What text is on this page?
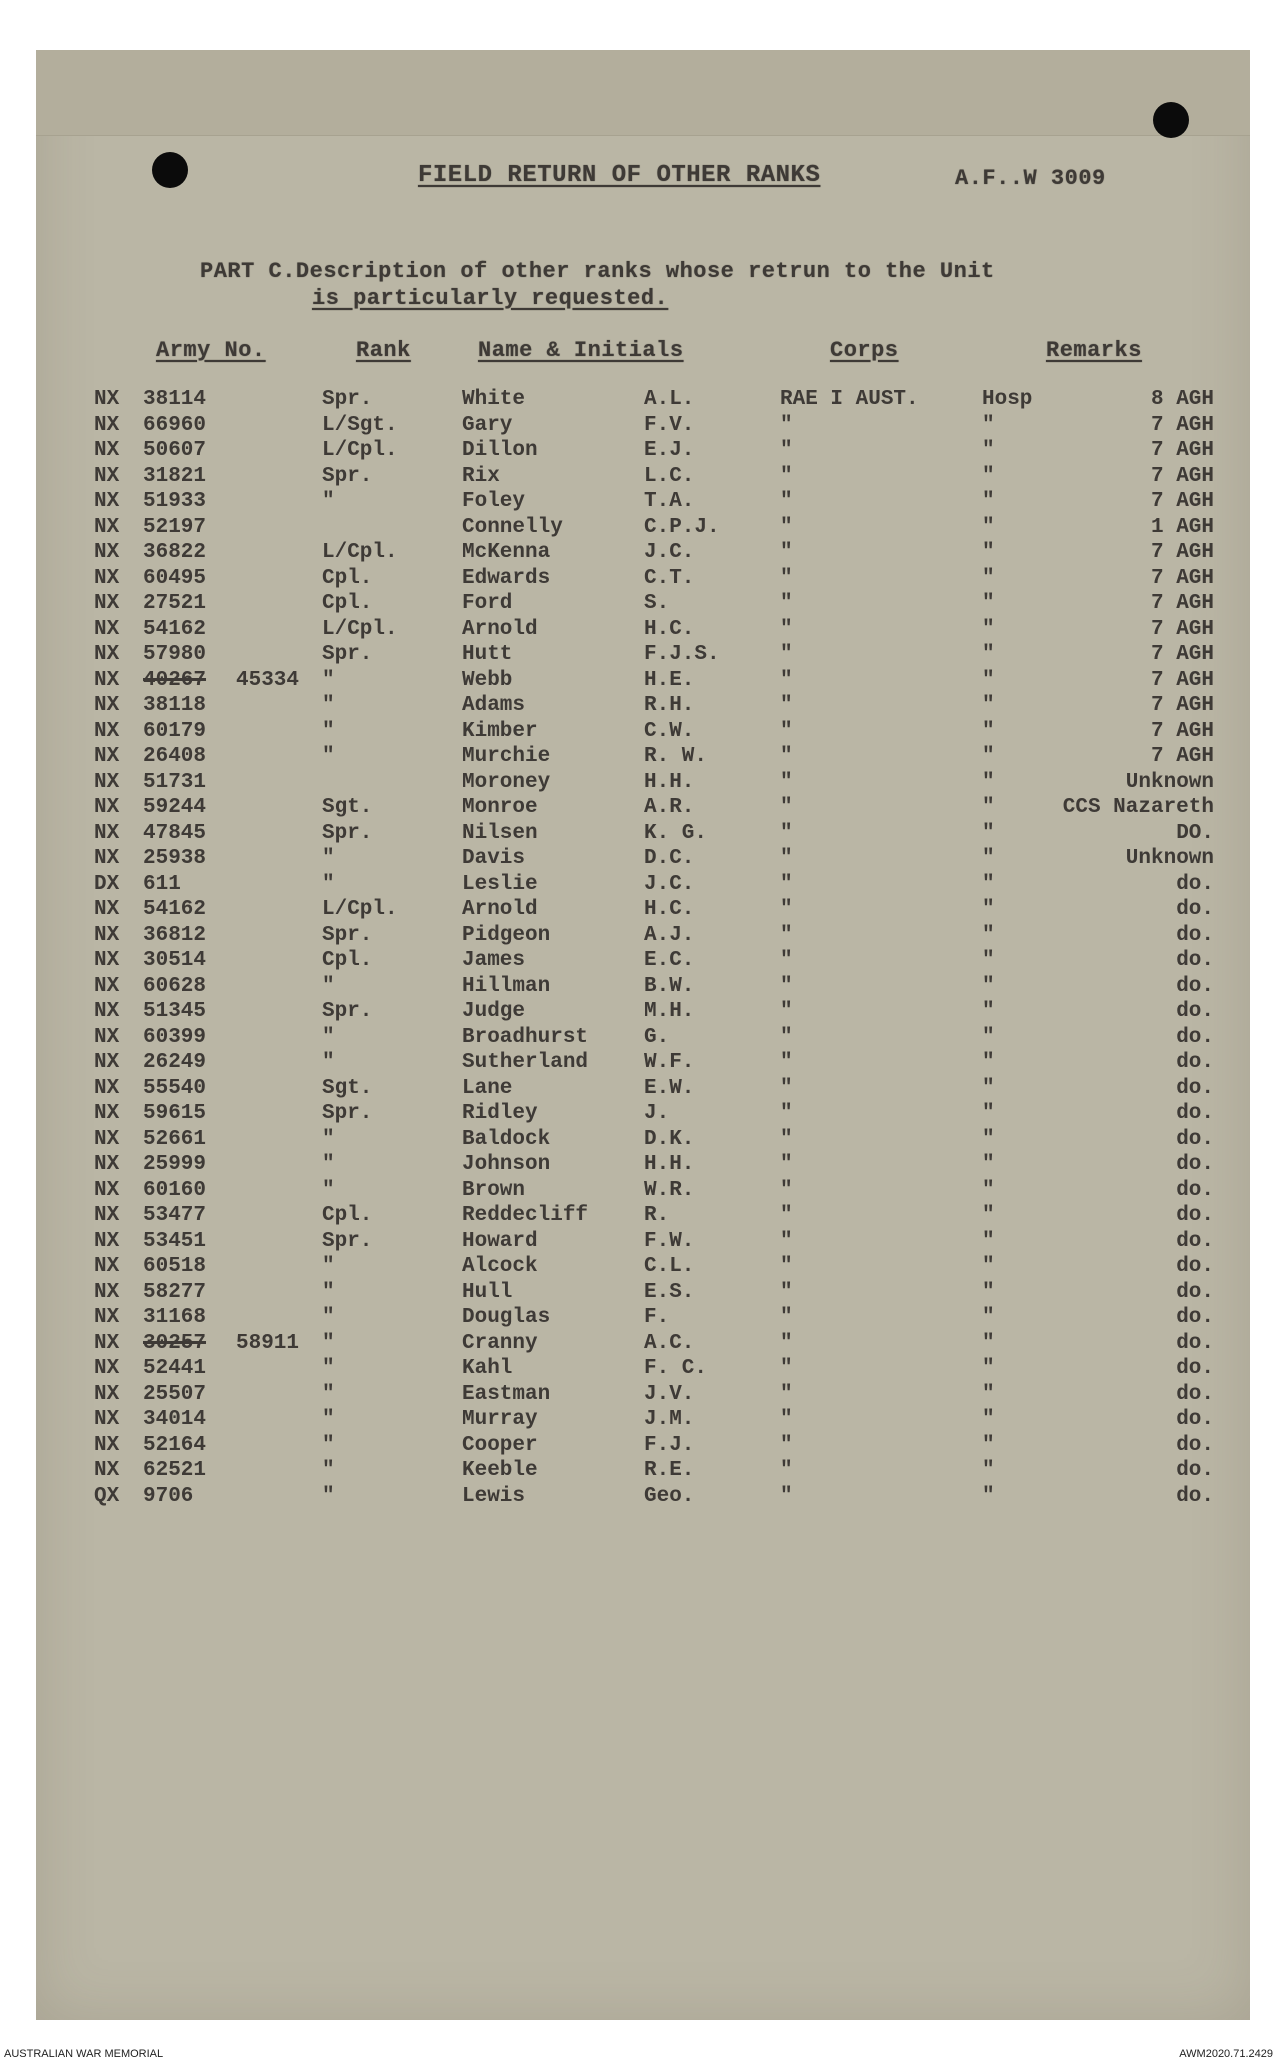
FIELD RETURN OF OTHER RANKS	A.F..W 3009
PART C.Description of other ranks whose retrun to the Unit
is particularly requested.
Army No.	Rank	Name & Initials	Corps	Remarks
NX 38114	Spr.	White	A.L.	RAE I AUST.	Hosp	8 AGH
NX 66960	L/Sgt.	Gary	F.V.	"	"	7 AGH
NX 50607	L/Cpl.	Dillon	E.J.	"	"	7 AGH
NX 31821	Spr.	Rix	L.C.	"	"	7 AGH
NX 51933	"	Foley	T.A.	"	"	7 AGH
NX 52197	Connelly	C.P.J.	"	"	1 AGH
NX 36822	L/Cpl.	McKenna	J.C.	"	"	7 AGH
NX 60495	Cpl.	Edwards	C.T.	"	"	7 AGH
NX 27521	Cpl.	Ford	S.	"	"	7 AGH
NX 54162	L/Cpl.	Arnold	H.C.	"	"	7 AGH
NX 57980	Spr.	Hutt	F.J.S.	"	"	7 AGH
NX 40267 45334 "	Webb	H.E.	"	"	7 AGH
NX 38118	"	Adams	R.H.	"	"	7 AGH
NX 60179	"	Kimber	C.W.	"	"	7 AGH
NX 26408	"	Murchie	R. W.	"	"	7 AGH
NX 51731	Moroney	H.H.	"	"	Unknown
NX 59244	Sgt.	Monroe	A.R.	"	"	CCS Nazareth
NX 47845	Spr.	Nilsen	K. G.	"	"	DO.
NX 25938	"	Davis	D.C.	"	"	Unknown
DX 611	"	Leslie	J.C.	"	"	do.
NX 54162	L/Cpl.	Arnold	H.C.	"	"	do.
NX 36812	Spr.	Pidgeon	A.J.	"	"	do.
NX 30514	Cpl.	James	E.C.	"	"	do.
NX 60628	"	Hillman	B.W.	"	"	do.
NX 51345	Spr.	Judge	M.H.	"	"	do.
NX 60399	"	Broadhurst	G.	"	"	do.
NX 26249	"	Sutherland	W.F.	"	"	do.
NX 55540	Sgt.	Lane	E.W.	"	"	do.
NX 59615	Spr.	Ridley	J.	"	"	do.
NX 52661	"	Baldock	D.K.	"	"	do.
NX 25999	"	Johnson	H.H.	"	"	do.
NX 60160	"	Brown	W.R.	"	"	do.
NX 53477	Cpl.	Reddecliff	R.	"	"	do.
NX 53451	Spr.	Howard	F.W.	"	"	do.
NX 60518	"	Alcock	C.L.	"	"	do.
NX 58277	"	Hull	E.S.	"	"	do.
NX 31168	"	Douglas	F.	"	"	do.
NX 30257 58911 "	Cranny	A.C.	"	"	do.
NX 52441	"	Kahl	F. C.	"	"	do.
NX 25507	"	Eastman	J.V.	"	"	do.
NX 34014	"	Murray	J.M.	"	"	do.
NX 52164	"	Cooper	F.J.	"	"	do.
NX 62521	"	Keeble	R.E.	"	"	do.
QX 9706	"	Lewis	Geo.	"	"	do.
AUSTRALIAN WAR MEMORIAL	AWM2020.71.2429
